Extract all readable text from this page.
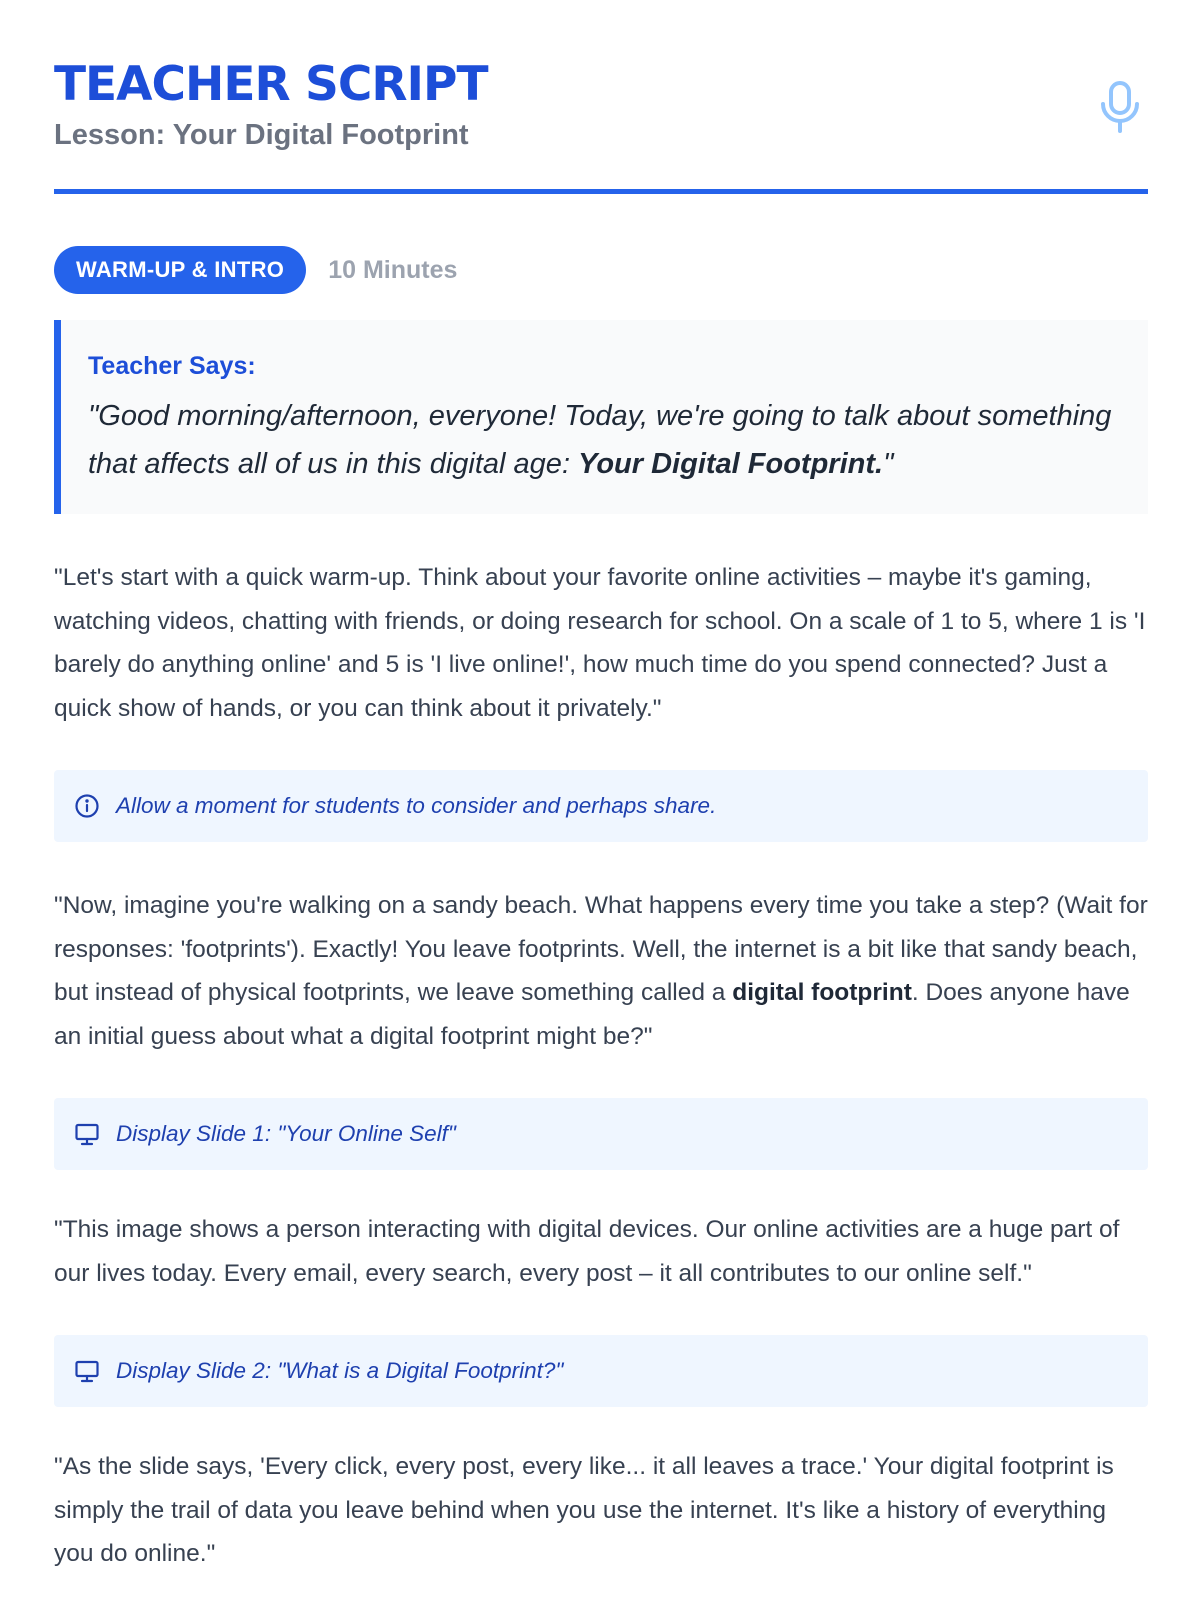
TEACHER SCRIPT
Lesson: Your Digital Footprint
WARM-UP & INTRO	10 Minutes
Teacher Says:
"Good morning/afternoon, everyone! Today, we're going to talk about something that affects all of us in this digital age: Your Digital Footprint."
"Let's start with a quick warm-up. Think about your favorite online activities – maybe it's gaming, watching videos, chatting with friends, or doing research for school. On a scale of 1 to 5, where 1 is 'I barely do anything online' and 5 is 'I live online!', how much time do you spend connected? Just a quick show of hands, or you can think about it privately."
Allow a moment for students to consider and perhaps share.
"Now, imagine you're walking on a sandy beach. What happens every time you take a step? (Wait for responses: 'footprints'). Exactly! You leave footprints. Well, the internet is a bit like that sandy beach, but instead of physical footprints, we leave something called a digital footprint. Does anyone have an initial guess about what a digital footprint might be?"
Display Slide 1: "Your Online Self"
"This image shows a person interacting with digital devices. Our online activities are a huge part of our lives today. Every email, every search, every post – it all contributes to our online self."
Display Slide 2: "What is a Digital Footprint?"
"As the slide says, 'Every click, every post, every like... it all leaves a trace.' Your digital footprint is simply the trail of data you leave behind when you use the internet. It's like a history of everything you do online."
